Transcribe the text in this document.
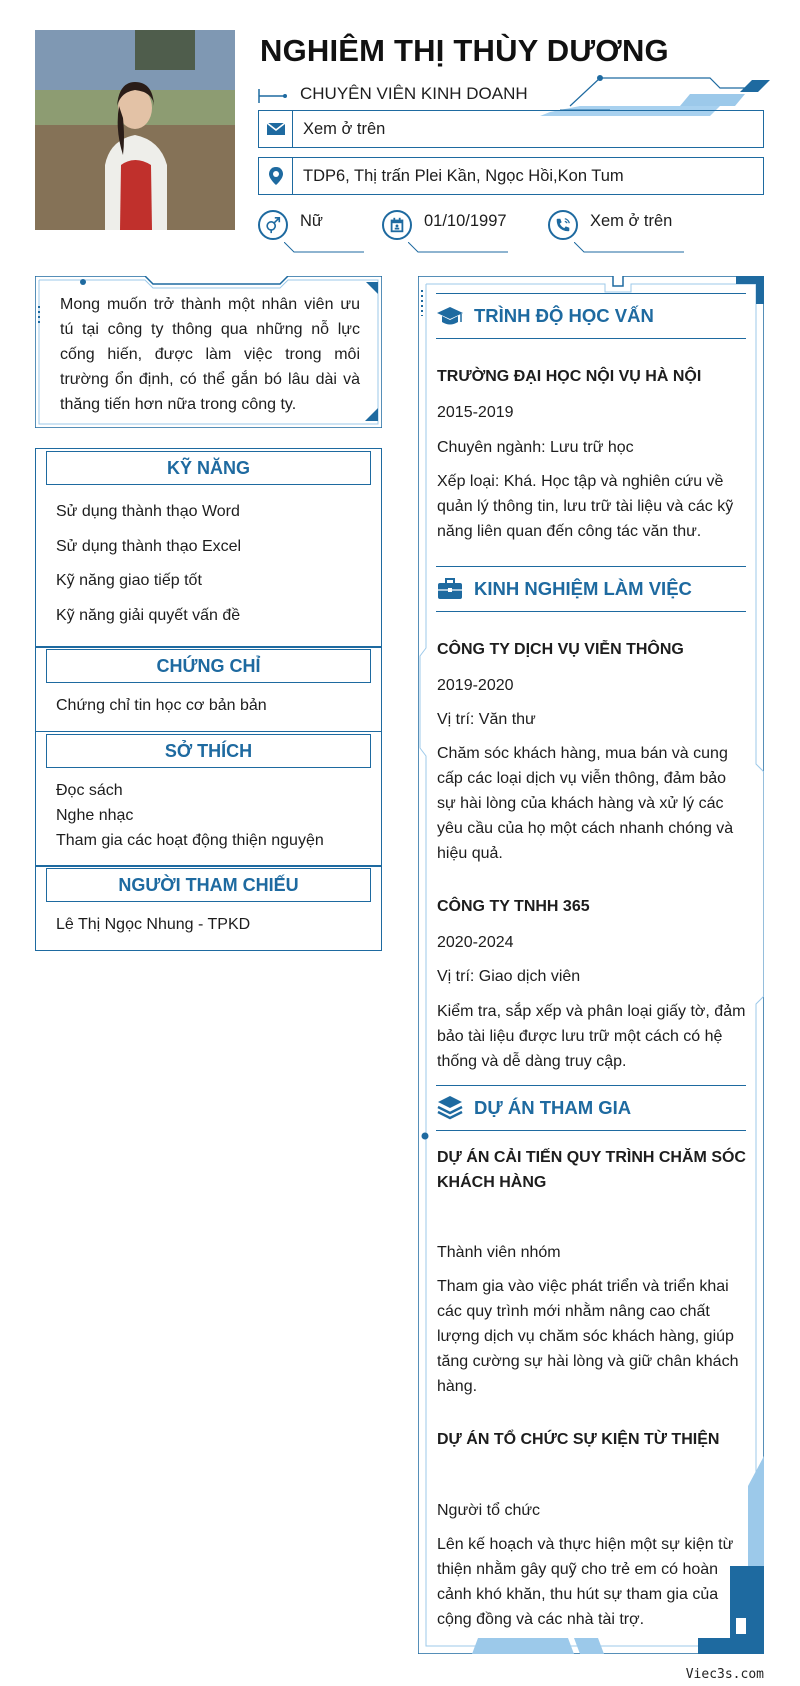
NGHIÊM THỊ THÙY DƯƠNG
CHUYÊN VIÊN KINH DOANH
Xem ở trên
TDP6, Thị trấn Plei Kần, Ngọc Hồi,Kon Tum
Nữ	01/10/1997	Xem ở trên
Mong muốn trở thành một nhân viên ưu tú tại công ty thông qua những nỗ lực cống hiến, được làm việc trong môi trường ổn định, có thể gắn bó lâu dài và thăng tiến hơn nữa trong công ty.
KỸ NĂNG
Sử dụng thành thạo Word
Sử dụng thành thạo Excel
Kỹ năng giao tiếp tốt
Kỹ năng giải quyết vấn đề
CHỨNG CHỈ
Chứng chỉ tin học cơ bản bản
SỞ THÍCH
Đọc sách
Nghe nhạc
Tham gia các hoạt động thiện nguyện
NGƯỜI THAM CHIẾU
Lê Thị Ngọc Nhung - TPKD
TRÌNH ĐỘ HỌC VẤN
TRƯỜNG ĐẠI HỌC NỘI VỤ HÀ NỘI
2015-2019
Chuyên ngành: Lưu trữ học
Xếp loại: Khá. Học tập và nghiên cứu về quản lý thông tin, lưu trữ tài liệu và các kỹ năng liên quan đến công tác văn thư.
KINH NGHIỆM LÀM VIỆC
CÔNG TY DỊCH VỤ VIỄN THÔNG
2019-2020
Vị trí: Văn thư
Chăm sóc khách hàng, mua bán và cung cấp các loại dịch vụ viễn thông, đảm bảo sự hài lòng của khách hàng và xử lý các yêu cầu của họ một cách nhanh chóng và hiệu quả.
CÔNG TY TNHH 365
2020-2024
Vị trí: Giao dịch viên
Kiểm tra, sắp xếp và phân loại giấy tờ, đảm bảo tài liệu được lưu trữ một cách có hệ thống và dễ dàng truy cập.
DỰ ÁN THAM GIA
DỰ ÁN CẢI TIẾN QUY TRÌNH CHĂM SÓC KHÁCH HÀNG
Thành viên nhóm
Tham gia vào việc phát triển và triển khai các quy trình mới nhằm nâng cao chất lượng dịch vụ chăm sóc khách hàng, giúp tăng cường sự hài lòng và giữ chân khách hàng.
DỰ ÁN TỔ CHỨC SỰ KIỆN TỪ THIỆN
Người tổ chức
Lên kế hoạch và thực hiện một sự kiện từ thiện nhằm gây quỹ cho trẻ em có hoàn cảnh khó khăn, thu hút sự tham gia của cộng đồng và các nhà tài trợ.
Viec3s.com
